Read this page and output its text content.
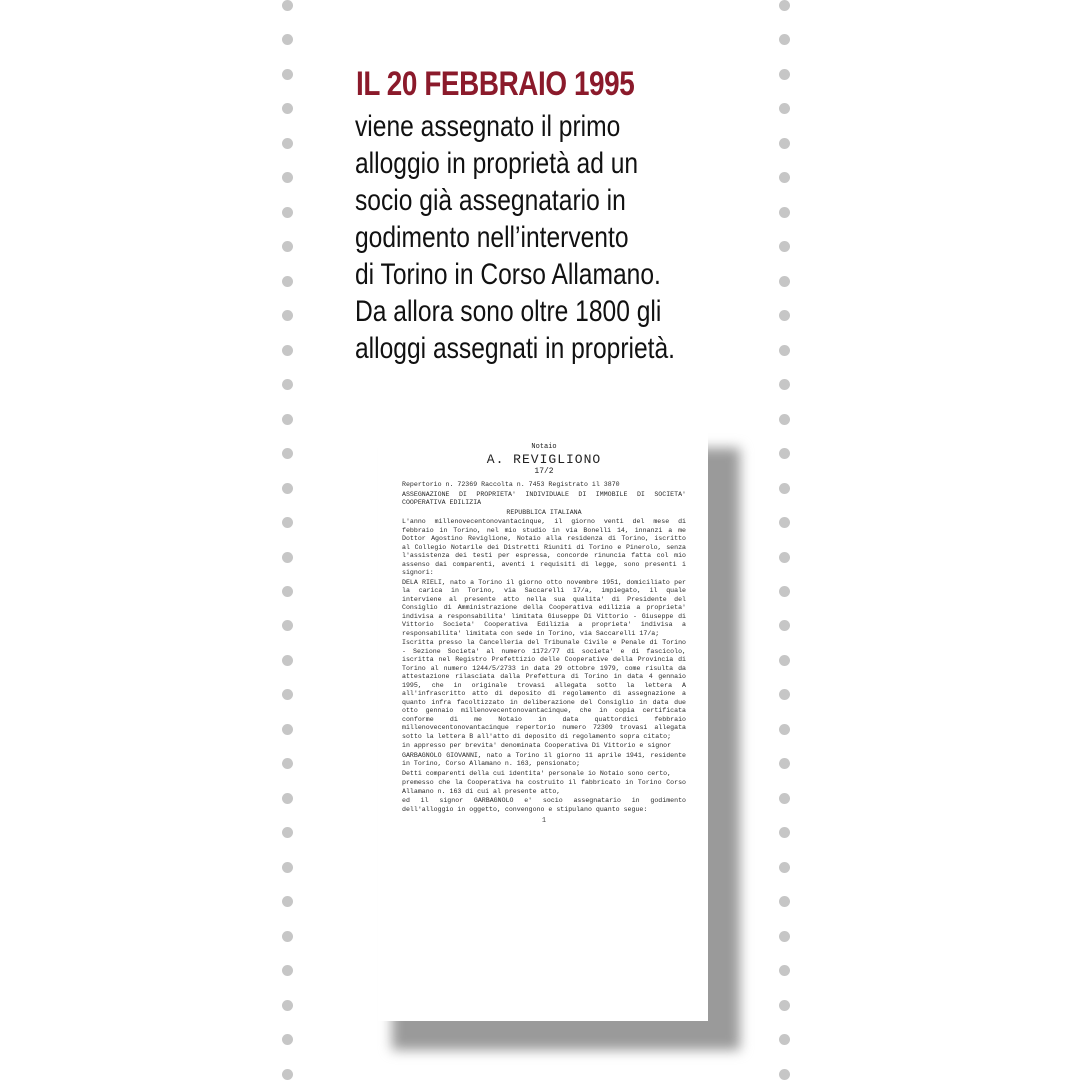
IL 20 FEBBRAIO 1995
viene assegnato il primo
alloggio in proprietà ad un
socio già assegnatario in
godimento nell’intervento
di Torino in Corso Allamano.
Da allora sono oltre 1800 gli
alloggi assegnati in proprietà.
Notaio
A. REVIGLIONO
17/2

Repertorio n. 72369 Raccolta n. 7453 Registrato il 3870

ASSEGNAZIONE DI PROPRIETA' INDIVIDUALE DI IMMOBILE DI SOCIETA' COOPERATIVA EDILIZIA

REPUBBLICA ITALIANA

L'anno millenovecentonovantacinque, il giorno venti del mese di febbraio in Torino, nel mio studio in via Bonelli 14, innanzi a me Dottor Agostino Reviglione, Notaio alla residenza di Torino, iscritto al Collegio Notarile dei Distretti Riuniti di Torino e Pinerolo, senza l'assistenza dei testi per espressa, concorde rinuncia fatta col mio assenso dai comparenti, aventi i requisiti di legge, sono presenti i signori:

DELA RIELI, nato a Torino il giorno otto novembre 1951, domiciliato per la carica in Torino, via Saccarelli 17/a, impiegato, il quale interviene al presente atto nella sua qualita' di Presidente del Consiglio di Amministrazione della Cooperativa edilizia a proprieta' indivisa a responsabilita' limitata Giuseppe Di Vittorio - Giuseppe di Vittorio Societa' Cooperativa Edilizia a proprieta' indivisa a responsabilita' limitata con sede in Torino, via Saccarelli 17/a;

Iscritta presso la Cancelleria del Tribunale Civile e Penale di Torino - Sezione Societa' al numero 1172/77 di societa' e di fascicolo, iscritta nel Registro Prefettizio delle Cooperative della Provincia di Torino al numero 1244/5/2733 in data 29 ottobre 1979, come risulta da attestazione rilasciata dalla Prefettura di Torino in data 4 gennaio 1995, che in originale trovasi allegata sotto la lettera A all'infrascritto atto di deposito di regolamento di assegnazione a quanto infra facoltizzato in deliberazione del Consiglio in data due otto gennaio millenovecentonovantacinque, che in copia certificata conforme di me Notaio in data quattordici febbraio millenovecentonovantacinque repertorio numero 72309 trovasi allegata sotto la lettera B all'atto di deposito di regolamento sopra citato;

in appresso per brevita' denominata Cooperativa Di Vittorio e signor

GARBAGNOLO GIOVANNI, nato a Torino il giorno 11 aprile 1941, residente in Torino, Corso Allamano n. 163, pensionato;

Detti comparenti della cui identita' personale io Notaio sono certo,

premesso che la Cooperativa ha costruito il fabbricato in Torino Corso Allamano n. 163 di cui al presente atto,

ed il signor GARBAGNOLO e' socio assegnatario in godimento dell'alloggio in oggetto, convengono e stipulano quanto segue:

1
